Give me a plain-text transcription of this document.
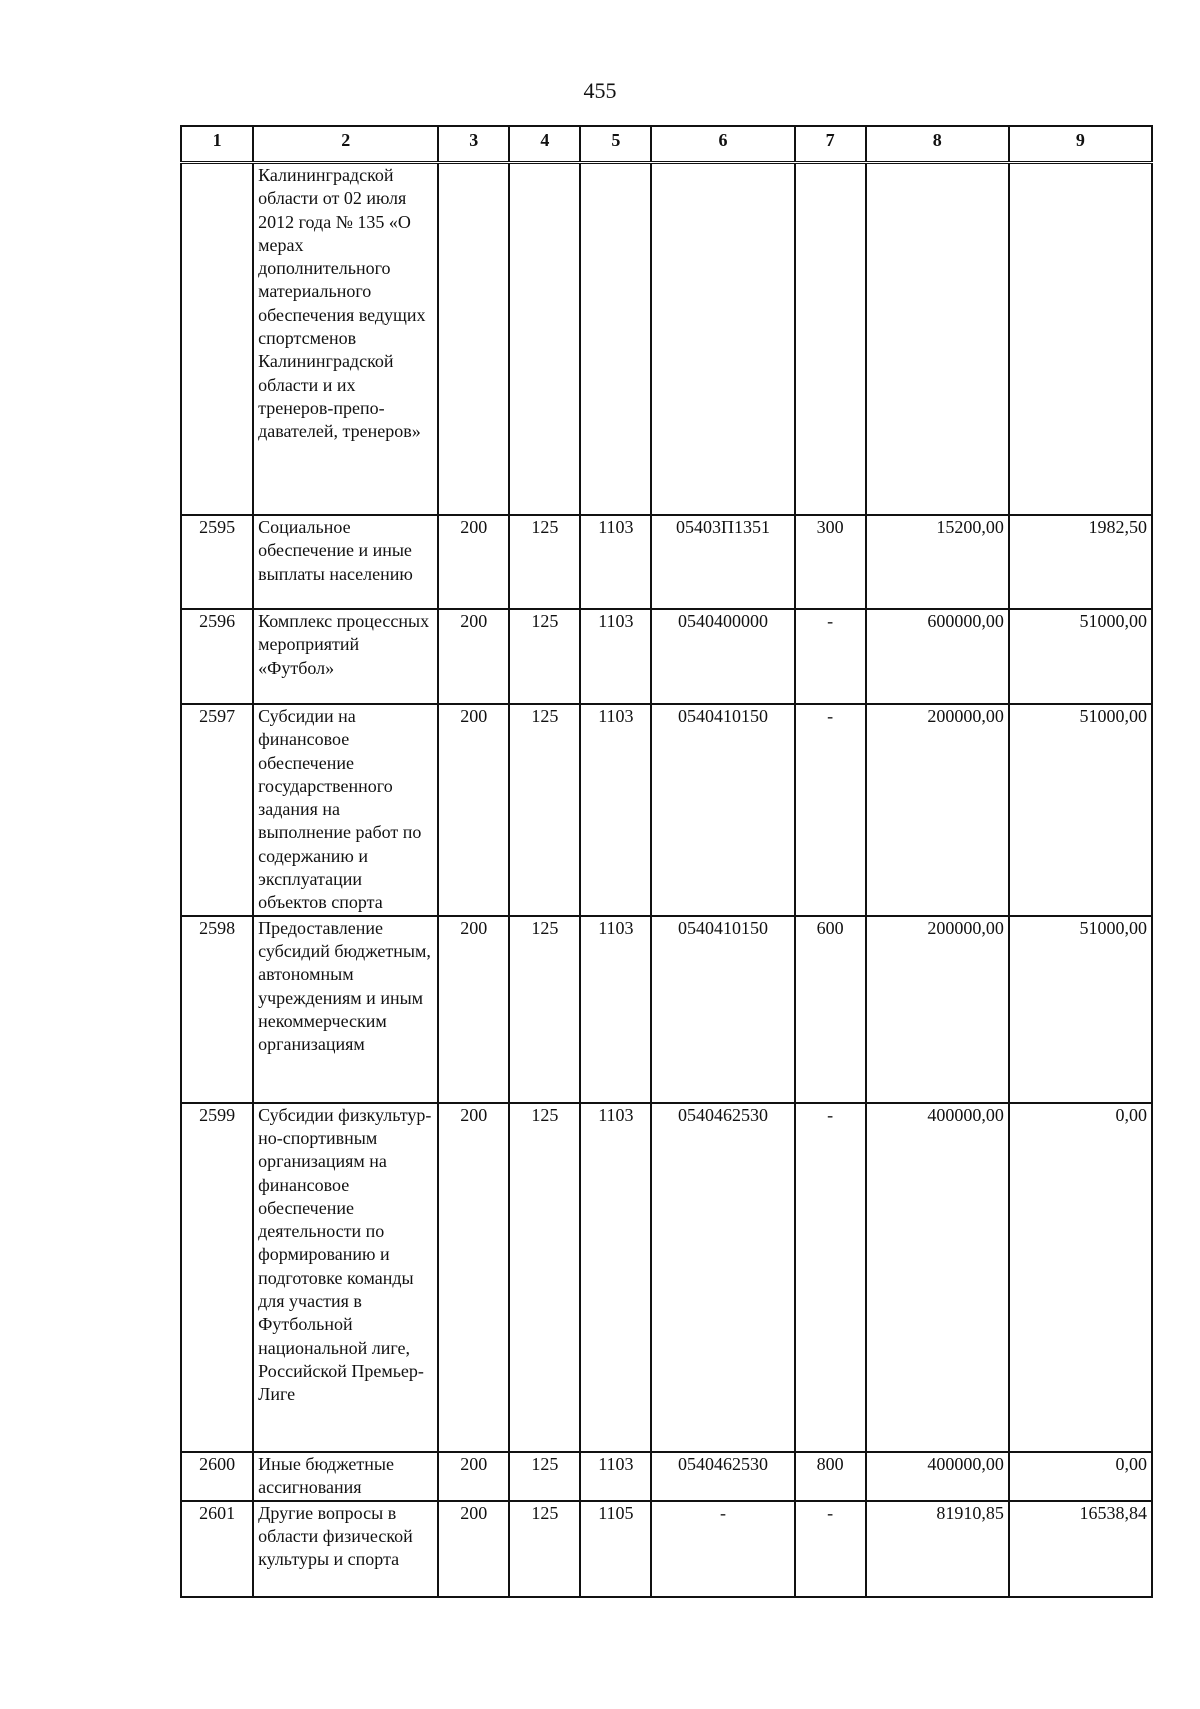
455
1	2	3	4	5	6	7	8	9
	Калининградской области от 02 июля 2012 года № 135 «О мерах дополнительного материального обеспечения ведущих спортсменов Калининградской области и их тренеров-препо-давателей, тренеров»							
2595	Социальное обеспечение и иные выплаты населению	200	125	1103	05403П1351	300	15200,00	1982,50
2596	Комплекс процессных мероприятий «Футбол»	200	125	1103	0540400000	-	600000,00	51000,00
2597	Субсидии на финансовое обеспечение государственного задания на выполнение работ по содержанию и эксплуатации объектов спорта	200	125	1103	0540410150	-	200000,00	51000,00
2598	Предоставление субсидий бюджетным, автономным учреждениям и иным некоммерческим организациям	200	125	1103	0540410150	600	200000,00	51000,00
2599	Субсидии физкультур-но-спортивным организациям на финансовое обеспечение деятельности по формированию и подготовке команды для участия в Футбольной национальной лиге, Российской Премьер-Лиге	200	125	1103	0540462530	-	400000,00	0,00
2600	Иные бюджетные ассигнования	200	125	1103	0540462530	800	400000,00	0,00
2601	Другие вопросы в области физической культуры и спорта	200	125	1105	-	-	81910,85	16538,84
